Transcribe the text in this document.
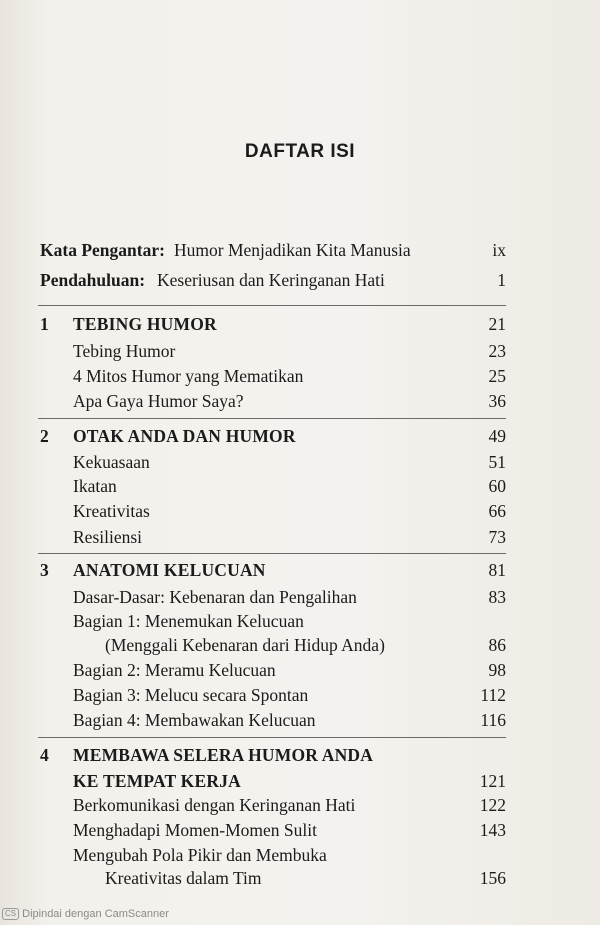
DAFTAR ISI
Kata Pengantar: Humor Menjadikan Kita Manusia	ix
Pendahuluan: Keseriusan dan Keringanan Hati	1
1 TEBING HUMOR	21
Tebing Humor	23
4 Mitos Humor yang Mematikan	25
Apa Gaya Humor Saya?	36
2 OTAK ANDA DAN HUMOR	49
Kekuasaan	51
Ikatan	60
Kreativitas	66
Resiliensi	73
3 ANATOMI KELUCUAN	81
Dasar-Dasar: Kebenaran dan Pengalihan	83
Bagian 1: Menemukan Kelucuan
(Menggali Kebenaran dari Hidup Anda)	86
Bagian 2: Meramu Kelucuan	98
Bagian 3: Melucu secara Spontan	112
Bagian 4: Membawakan Kelucuan	116
4 MEMBAWA SELERA HUMOR ANDA
KE TEMPAT KERJA	121
Berkomunikasi dengan Keringanan Hati	122
Menghadapi Momen-Momen Sulit	143
Mengubah Pola Pikir dan Membuka
Kreativitas dalam Tim	156
CS Dipindai dengan CamScanner
